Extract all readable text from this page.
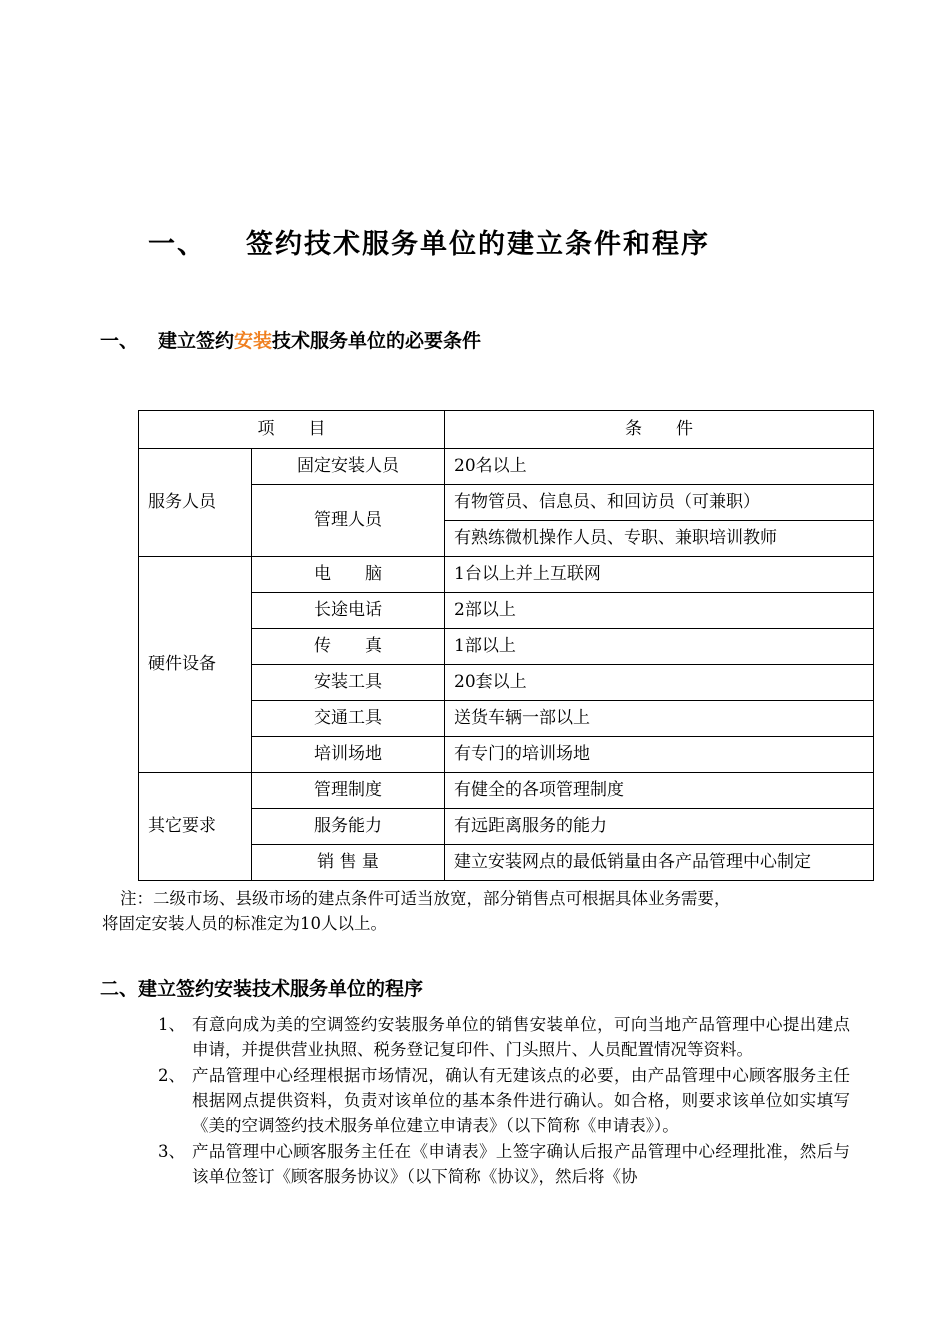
一、 签约技术服务单位的建立条件和程序
一、 建立签约安装技术服务单位的必要条件
项　　目		条　　件
服务人员	固定安装人员	20名以上
	管理人员	有物管员、信息员、和回访员（可兼职）
		有熟练微机操作人员、专职、兼职培训教师
硬件设备	电　　脑	1台以上并上互联网
	长途电话	2部以上
	传　　真	1部以上
	安装工具	20套以上
	交通工具	送货车辆一部以上
	培训场地	有专门的培训场地
其它要求	管理制度	有健全的各项管理制度
	服务能力	有远距离服务的能力
	销 售 量	建立安装网点的最低销量由各产品管理中心制定

注：二级市场、县级市场的建点条件可适当放宽，部分销售点可根据具体业务需要，

将固定安装人员的标准定为10人以上。

二、建立签约安装技术服务单位的程序
1、 有意向成为美的空调签约安装服务单位的销售安装单位，可向当地产品管理中心提出建点申请，并提供营业执照、税务登记复印件、门头照片、人员配置情况等资料。
2、 产品管理中心经理根据市场情况，确认有无建该点的必要，由产品管理中心顾客服务主任根据网点提供资料，负责对该单位的基本条件进行确认。如合格，则要求该单位如实填写《美的空调签约技术服务单位建立申请表》（以下简称《申请表》）。
3、 产品管理中心顾客服务主任在《申请表》上签字确认后报产品管理中心经理批准，然后与该单位签订《顾客服务协议》（以下简称《协议》，然后将《协
